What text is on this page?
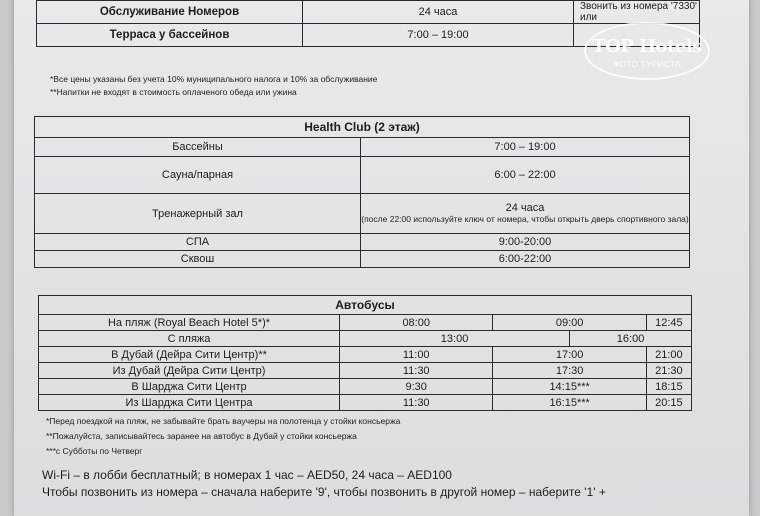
Обслуживание Номеров	24 часа	Звонить из номера '7330' или
Терраса у бассейнов	7:00 – 19:00	
*Все цены указаны без учета 10% муниципального налога и 10% за обслуживание
**Напитки не входят в стоимость оплаченого обеда или ужина
Health Club (2 этаж)	
Бассейны	7:00 – 19:00
Сауна/парная	6:00 – 22:00
Тренажерный зал	24 часа
(после 22:00 используйте ключ от номера, чтобы открыть дверь спортивного зала)

СПА	9:00-20:00
Сквош	6:00-22:00
Автобусы				
На пляж (Royal Beach Hotel 5*)*	08:00	09:00		12:45
С пляжа	13:00		16:00	
В Дубай (Дейра Сити Центр)**	11:00	17:00		21:00
Из Дубай (Дейра Сити Центр)	11:30	17:30		21:30
В Шарджа Сити Центр	9:30	14:15***		18:15
Из Шарджа Сити Центра	11:30	16:15***		20:15
*Перед поездкой на пляж, не забывайте брать ваучеры на полотенца у стойки консьержа
**Пожалуйста, записывайтесь заранее на автобус в Дубай у стойки консьержа
***с Субботы по Четверг
Wi-Fi – в лобби бесплатный; в номерах 1 час – AED50, 24 часа – AED100
Чтобы позвонить из номера – сначала наберите '9', чтобы позвонить в другой номер – наберите '1' +
TOP Hotels
ФОТО ТУРИСТА
